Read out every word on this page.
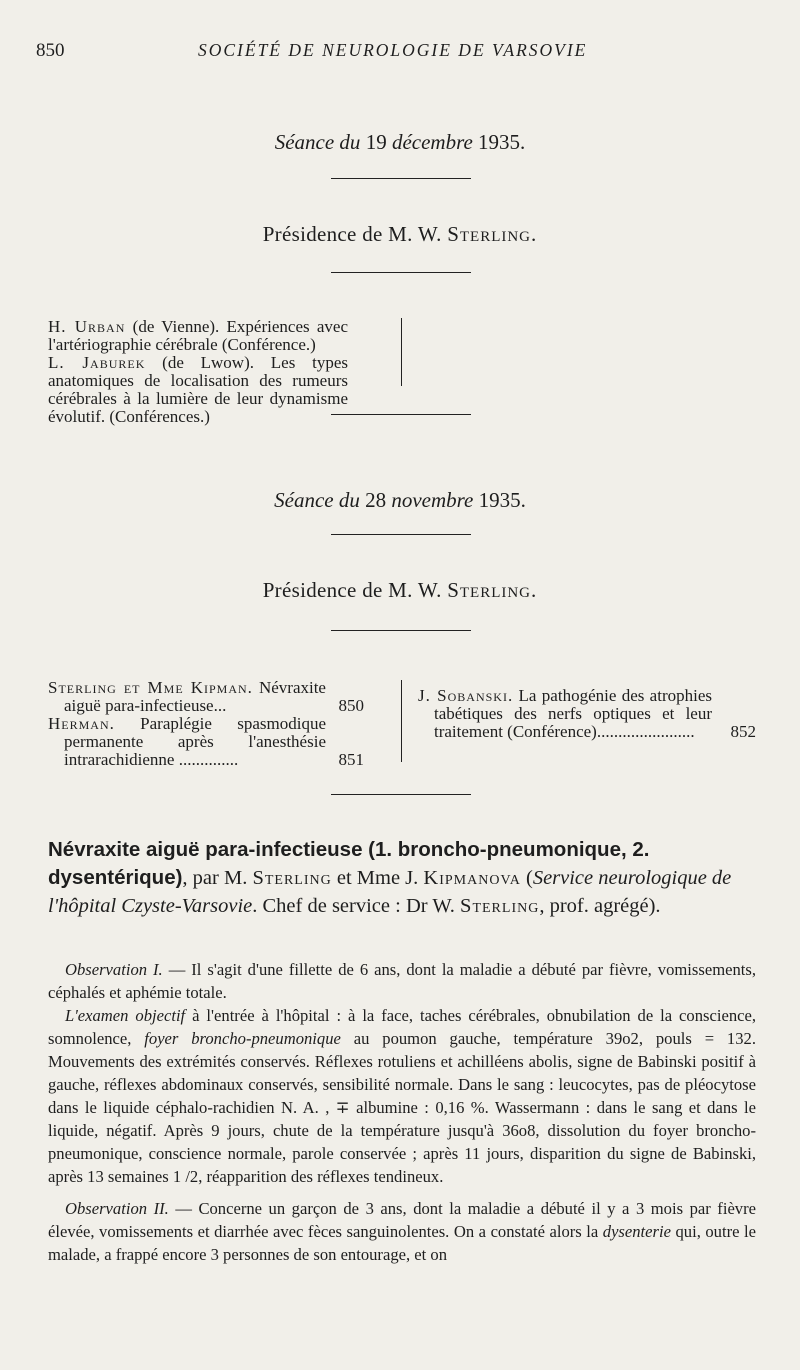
850	SOCIÉTÉ DE NEUROLOGIE DE VARSOVIE
Séance du 19 décembre 1935.
Présidence de M. W. Sterling.

H. Urban (de Vienne). Expériences avec l'artériographie cérébrale (Conférence.)

L. Jaburek (de Lwow). Les types anatomiques de localisation des rumeurs cérébrales à la lumière de leur dynamisme évolutif. (Conférences.)

Séance du 28 novembre 1935.
Présidence de M. W. Sterling.

Sterling et Mme Kipman. Névraxite aiguë para-infectieuse...	850

Herman. Paraplégie spasmodique permanente après l'anesthésie intrarachidienne ..............	851

J. Sobanski. La pathogénie des atrophies tabétiques des nerfs optiques et leur traitement (Conférence)....................... 852

Névraxite aiguë para-infectieuse (1. broncho-pneumonique, 2. dysentérique), par M. Sterling et Mme J. Kipmanova (Service neurologique de l'hôpital Czyste-Varsovie. Chef de service : Dr W. Sterling, prof. agrégé).

Observation I. — Il s'agit d'une fillette de 6 ans, dont la maladie a débuté par fièvre, vomissements, céphalés et aphémie totale.

L'examen objectif à l'entrée à l'hôpital : à la face, taches cérébrales, obnubilation de la conscience, somnolence, foyer broncho-pneumonique au poumon gauche, température 39o2, pouls = 132. Mouvements des extrémités conservés. Réflexes rotuliens et achilléens abolis, signe de Babinski positif à gauche, réflexes abdominaux conservés, sensibilité normale. Dans le sang : leucocytes, pas de pléocytose dans le liquide céphalo-rachidien N. A. , ∓ albumine : 0,16 %. Wassermann : dans le sang et dans le liquide, négatif. Après 9 jours, chute de la température jusqu'à 36o8, dissolution du foyer broncho-pneumonique, conscience normale, parole conservée ; après 11 jours, disparition du signe de Babinski, après 13 semaines 1 /2, réapparition des réflexes tendineux.

Observation II. — Concerne un garçon de 3 ans, dont la maladie a débuté il y a 3 mois par fièvre élevée, vomissements et diarrhée avec fèces sanguinolentes. On a constaté alors la dysenterie qui, outre le malade, a frappé encore 3 personnes de son entourage, et on
